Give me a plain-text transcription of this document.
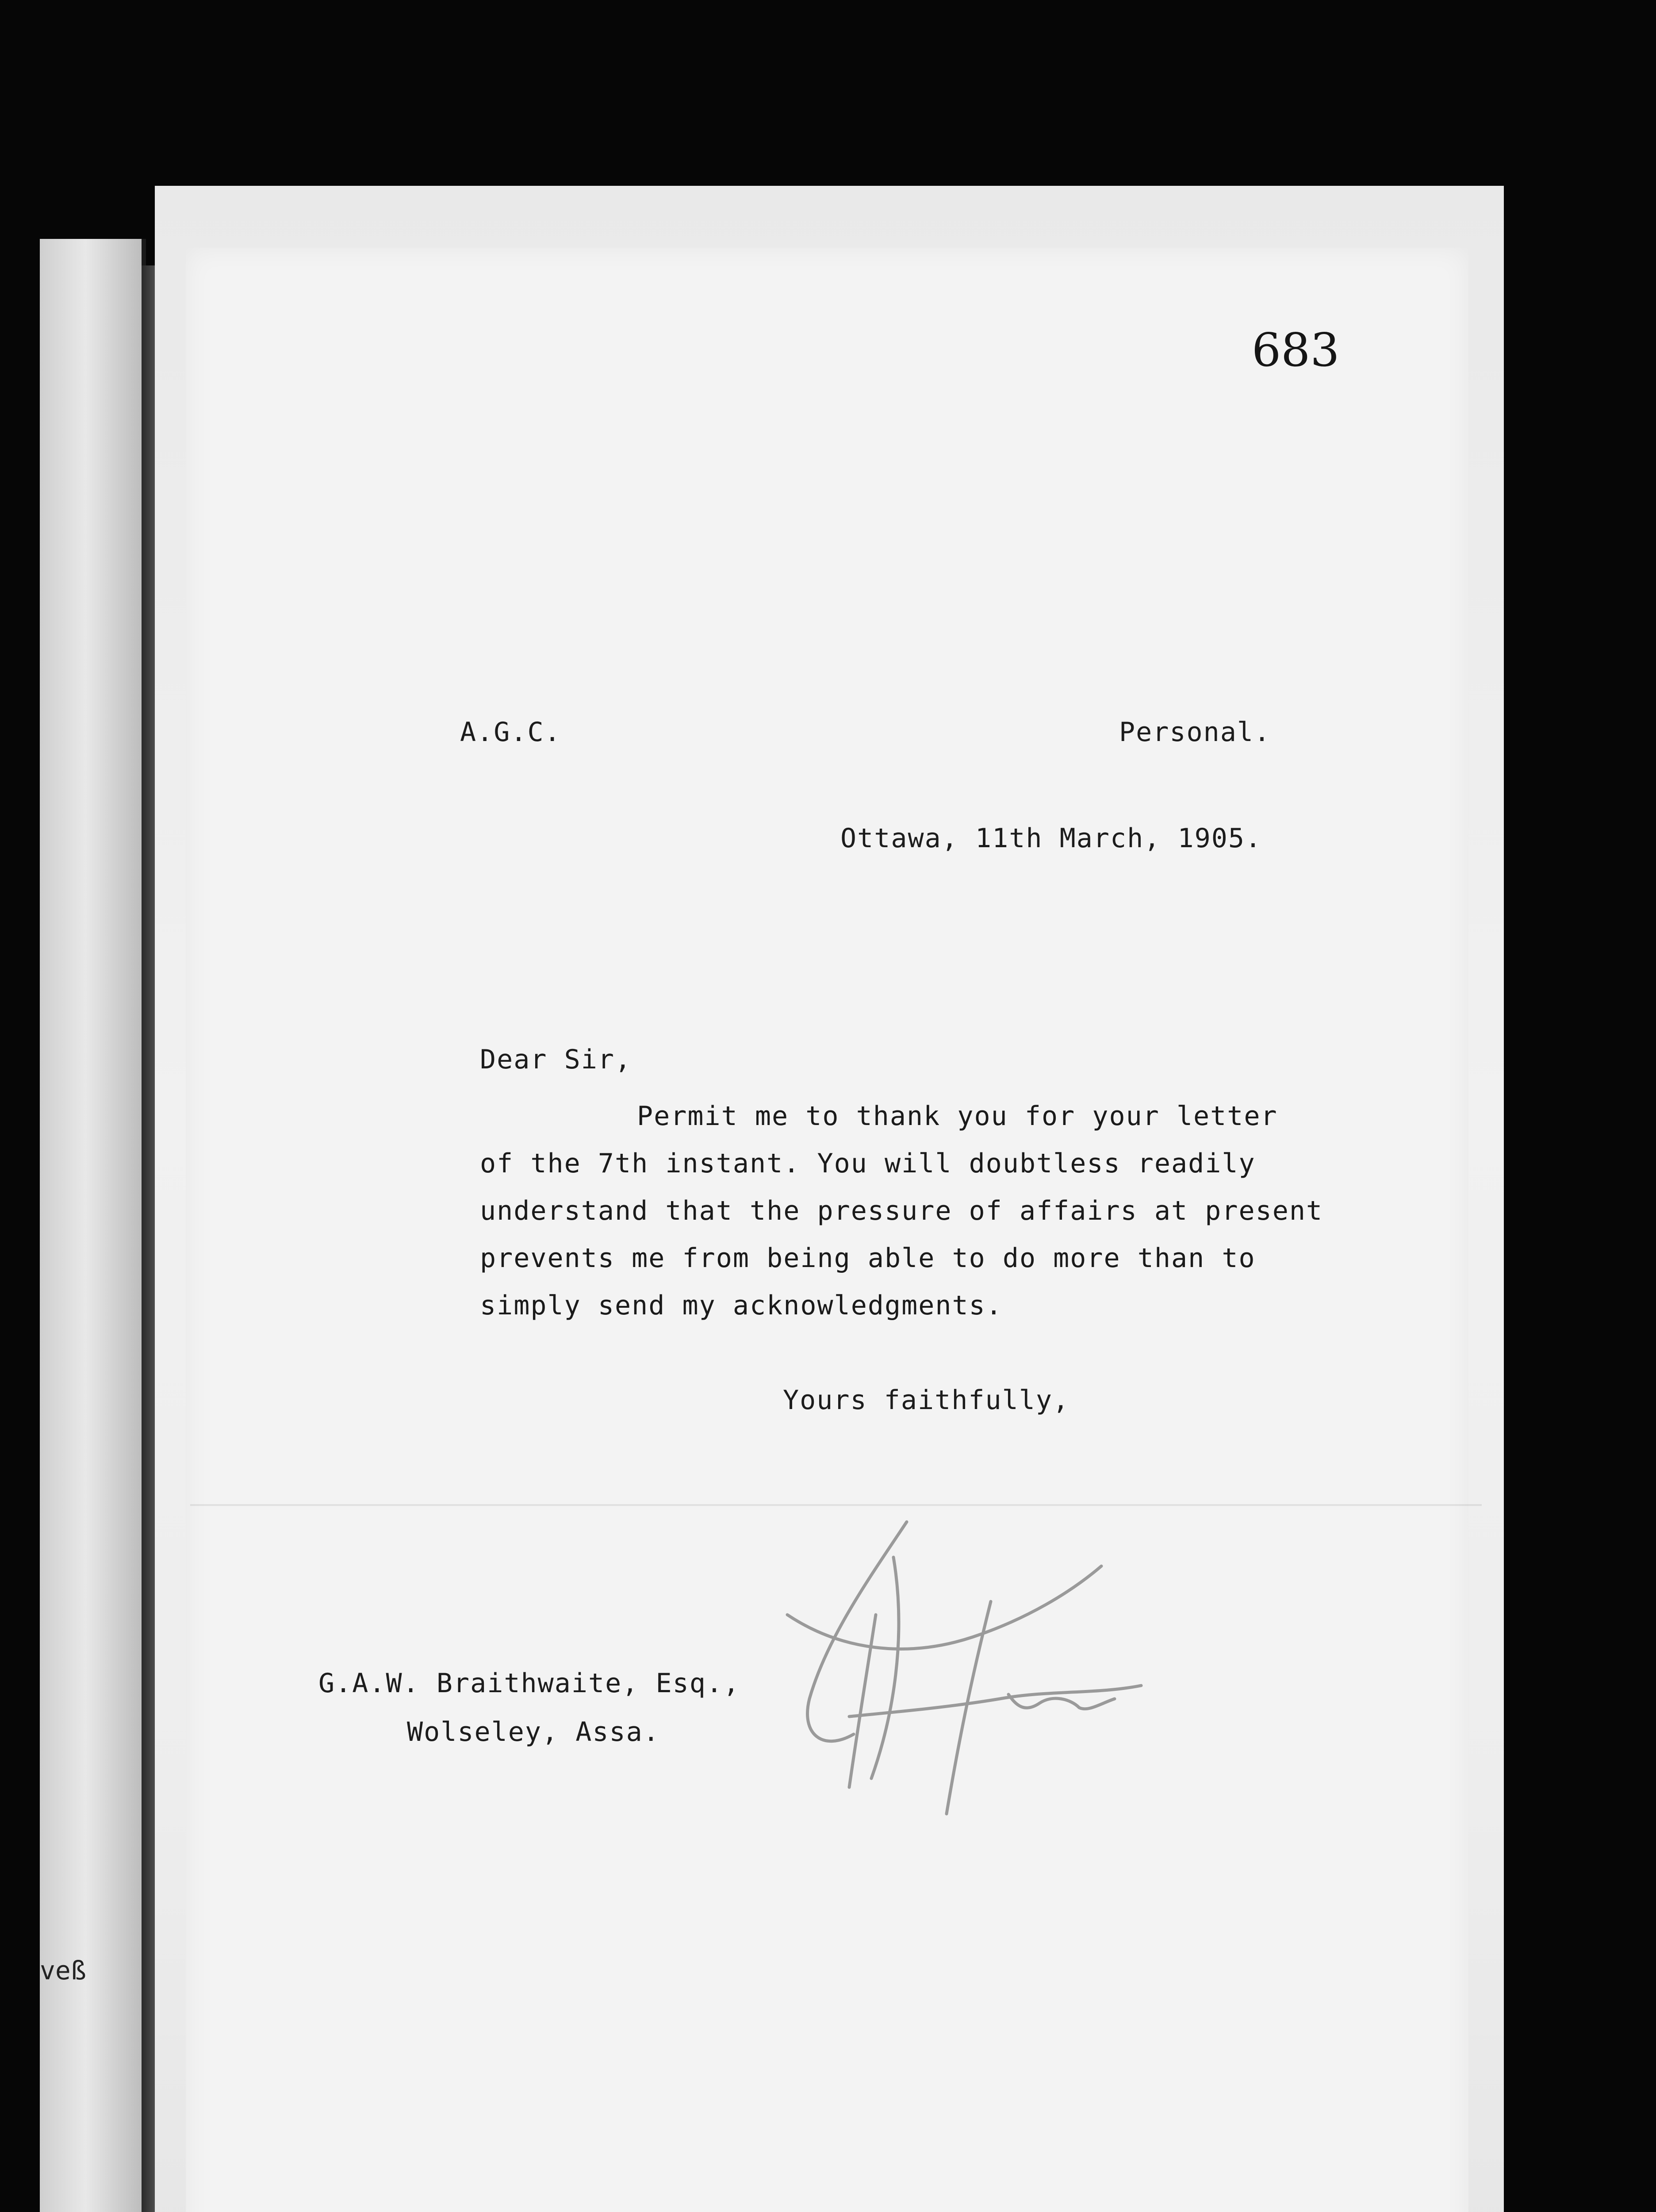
veß
683
A.G.C.	Personal.
Ottawa, 11th March, 1905.
Dear Sir,
Permit me to thank you for your letter
of the 7th instant. You will doubtless readily
understand that the pressure of affairs at present
prevents me from being able to do more than to
simply send my acknowledgments.
Yours faithfully,
G.A.W. Braithwaite, Esq.,
Wolseley, Assa.
